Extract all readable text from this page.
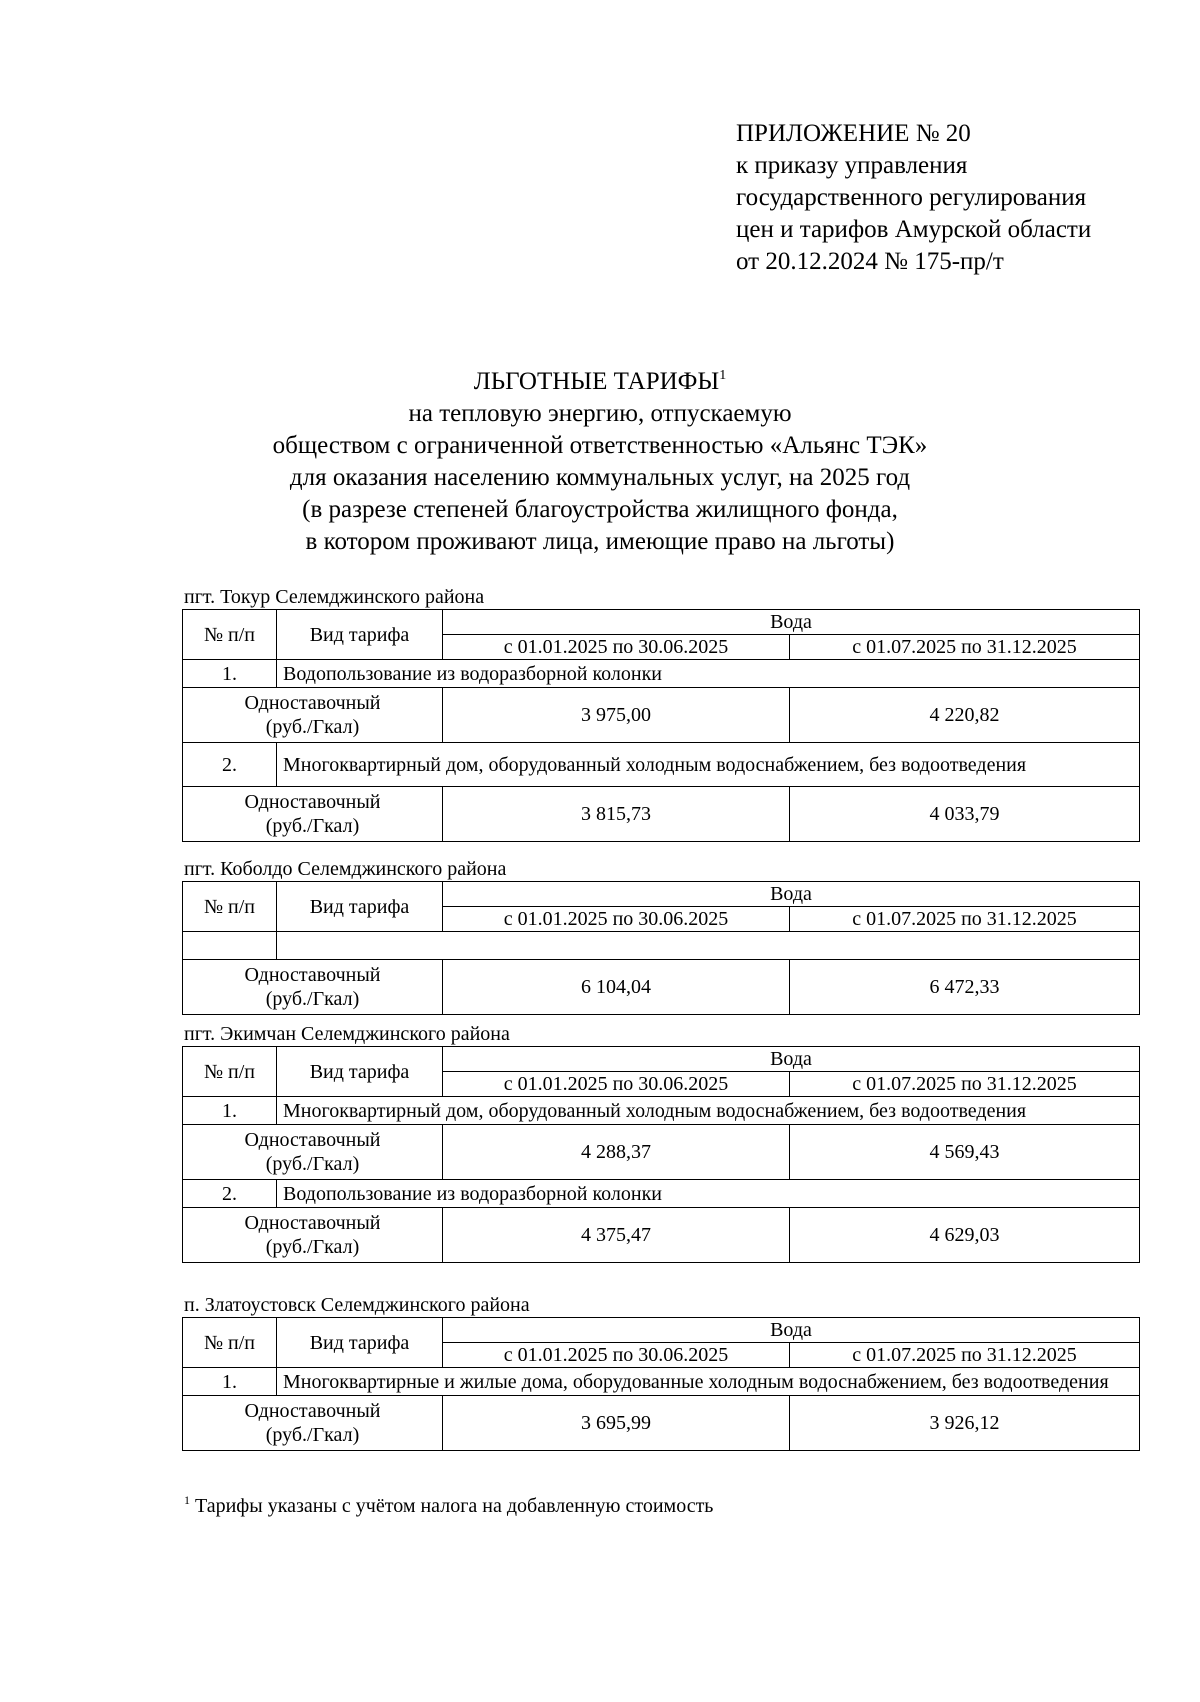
ПРИЛОЖЕНИЕ № 20
к приказу управления
государственного регулирования
цен и тарифов Амурской области
от 20.12.2024 № 175-пр/т
ЛЬГОТНЫЕ ТАРИФЫ$^1$
на тепловую энергию, отпускаемую
обществом с ограниченной ответственностью «Альянс ТЭК»
для оказания населению коммунальных услуг, на 2025 год
(в разрезе степеней благоустройства жилищного фонда,
в котором проживают лица, имеющие право на льготы)
пгт. Токур Селемджинского района
№ п/п	Вид тарифа	Вода	
		с 01.01.2025 по 30.06.2025	с 01.07.2025 по 31.12.2025
1.	Водопользование из водоразборной колонки		

Одноставочный
(руб./Гкал)		3 975,00	4 220,82
2.	Многоквартирный дом, оборудованный холодным водоснабжением, без водоотведения		

Одноставочный
(руб./Гкал)		3 815,73	4 033,79
пгт. Коболдо Селемджинского района
№ п/п	Вид тарифа	Вода	
		с 01.01.2025 по 30.06.2025	с 01.07.2025 по 31.12.2025

Одноставочный
(руб./Гкал)		6 104,04	6 472,33
пгт. Экимчан Селемджинского района
№ п/п	Вид тарифа	Вода	
		с 01.01.2025 по 30.06.2025	с 01.07.2025 по 31.12.2025
1.	Многоквартирный дом, оборудованный холодным водоснабжением, без водоотведения		

Одноставочный
(руб./Гкал)		4 288,37	4 569,43
2.	Водопользование из водоразборной колонки		

Одноставочный
(руб./Гкал)		4 375,47	4 629,03
п. Златоустовск Селемджинского района
№ п/п	Вид тарифа	Вода	
		с 01.01.2025 по 30.06.2025	с 01.07.2025 по 31.12.2025
1.	Многоквартирные и жилые дома, оборудованные холодным водоснабжением, без водоотведения		

Одноставочный
(руб./Гкал)		3 695,99	3 926,12
$^1$ Тарифы указаны с учётом налога на добавленную стоимость
